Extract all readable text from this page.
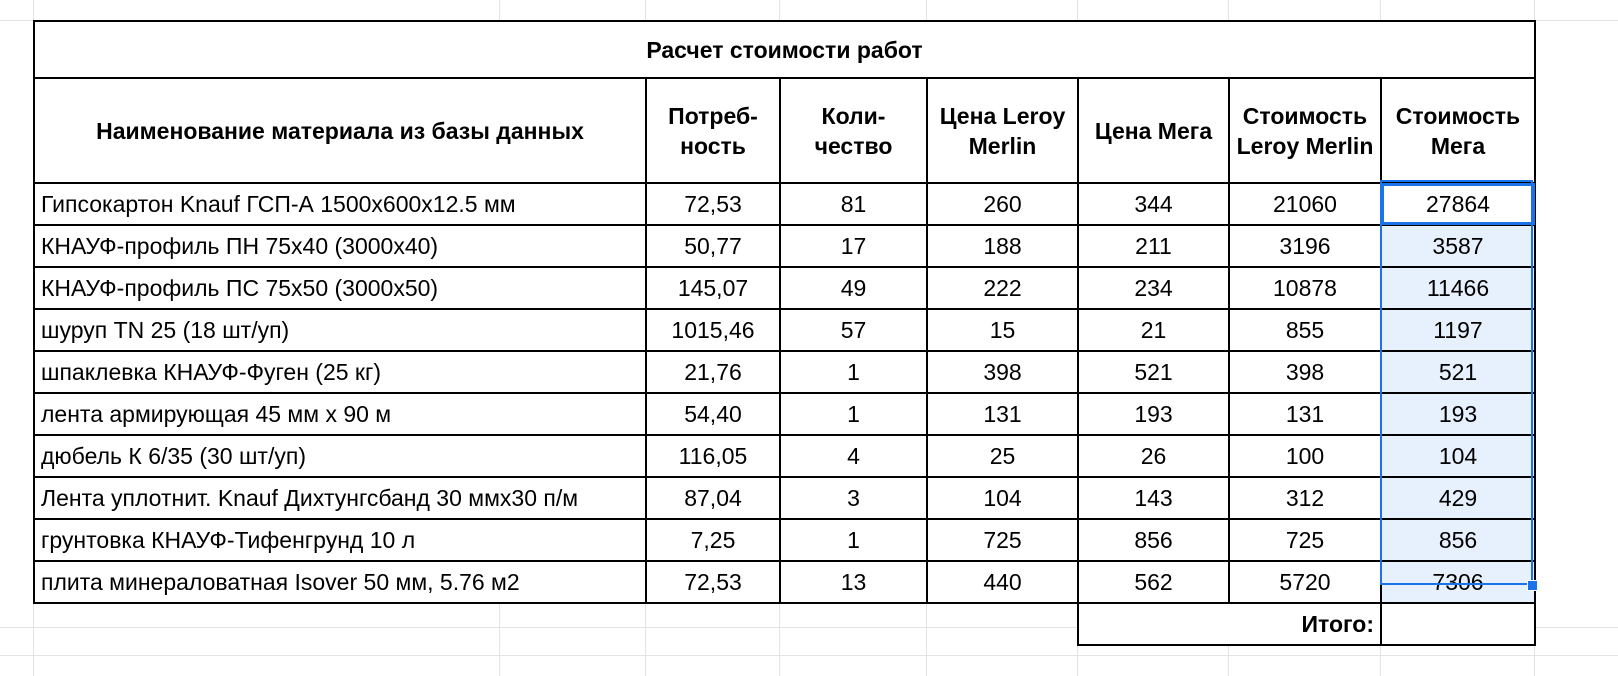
Расчет стоимости работ						
Наименование материала из базы данных	Потреб-ность	Коли-чество	Цена Leroy Merlin	Цена Мега	Стоимость Leroy Merlin	Стоимость Мега
Гипсокартон Knauf ГСП-А 1500х600х12.5 мм	72,53	81	260	344	21060	27864
КНАУФ-профиль ПН 75x40 (3000x40)	50,77	17	188	211	3196	3587
КНАУФ-профиль ПС 75x50 (3000x50)	145,07	49	222	234	10878	11466
шуруп TN 25 (18 шт/уп)	1015,46	57	15	21	855	1197
шпаклевка КНАУФ-Фуген (25 кг)	21,76	1	398	521	398	521
лента армирующая 45 мм х 90 м	54,40	1	131	193	131	193
дюбель К 6/35 (30 шт/уп)	116,05	4	25	26	100	104
Лента уплотнит. Knauf Дихтунгсбанд 30 ммх30 п/м	87,04	3	104	143	312	429
грунтовка КНАУФ-Тифенгрунд 10 л	7,25	1	725	856	725	856
плита минераловатная Isover 50 мм, 5.76 м2	72,53	13	440	562	5720	7306
				Итого:		
